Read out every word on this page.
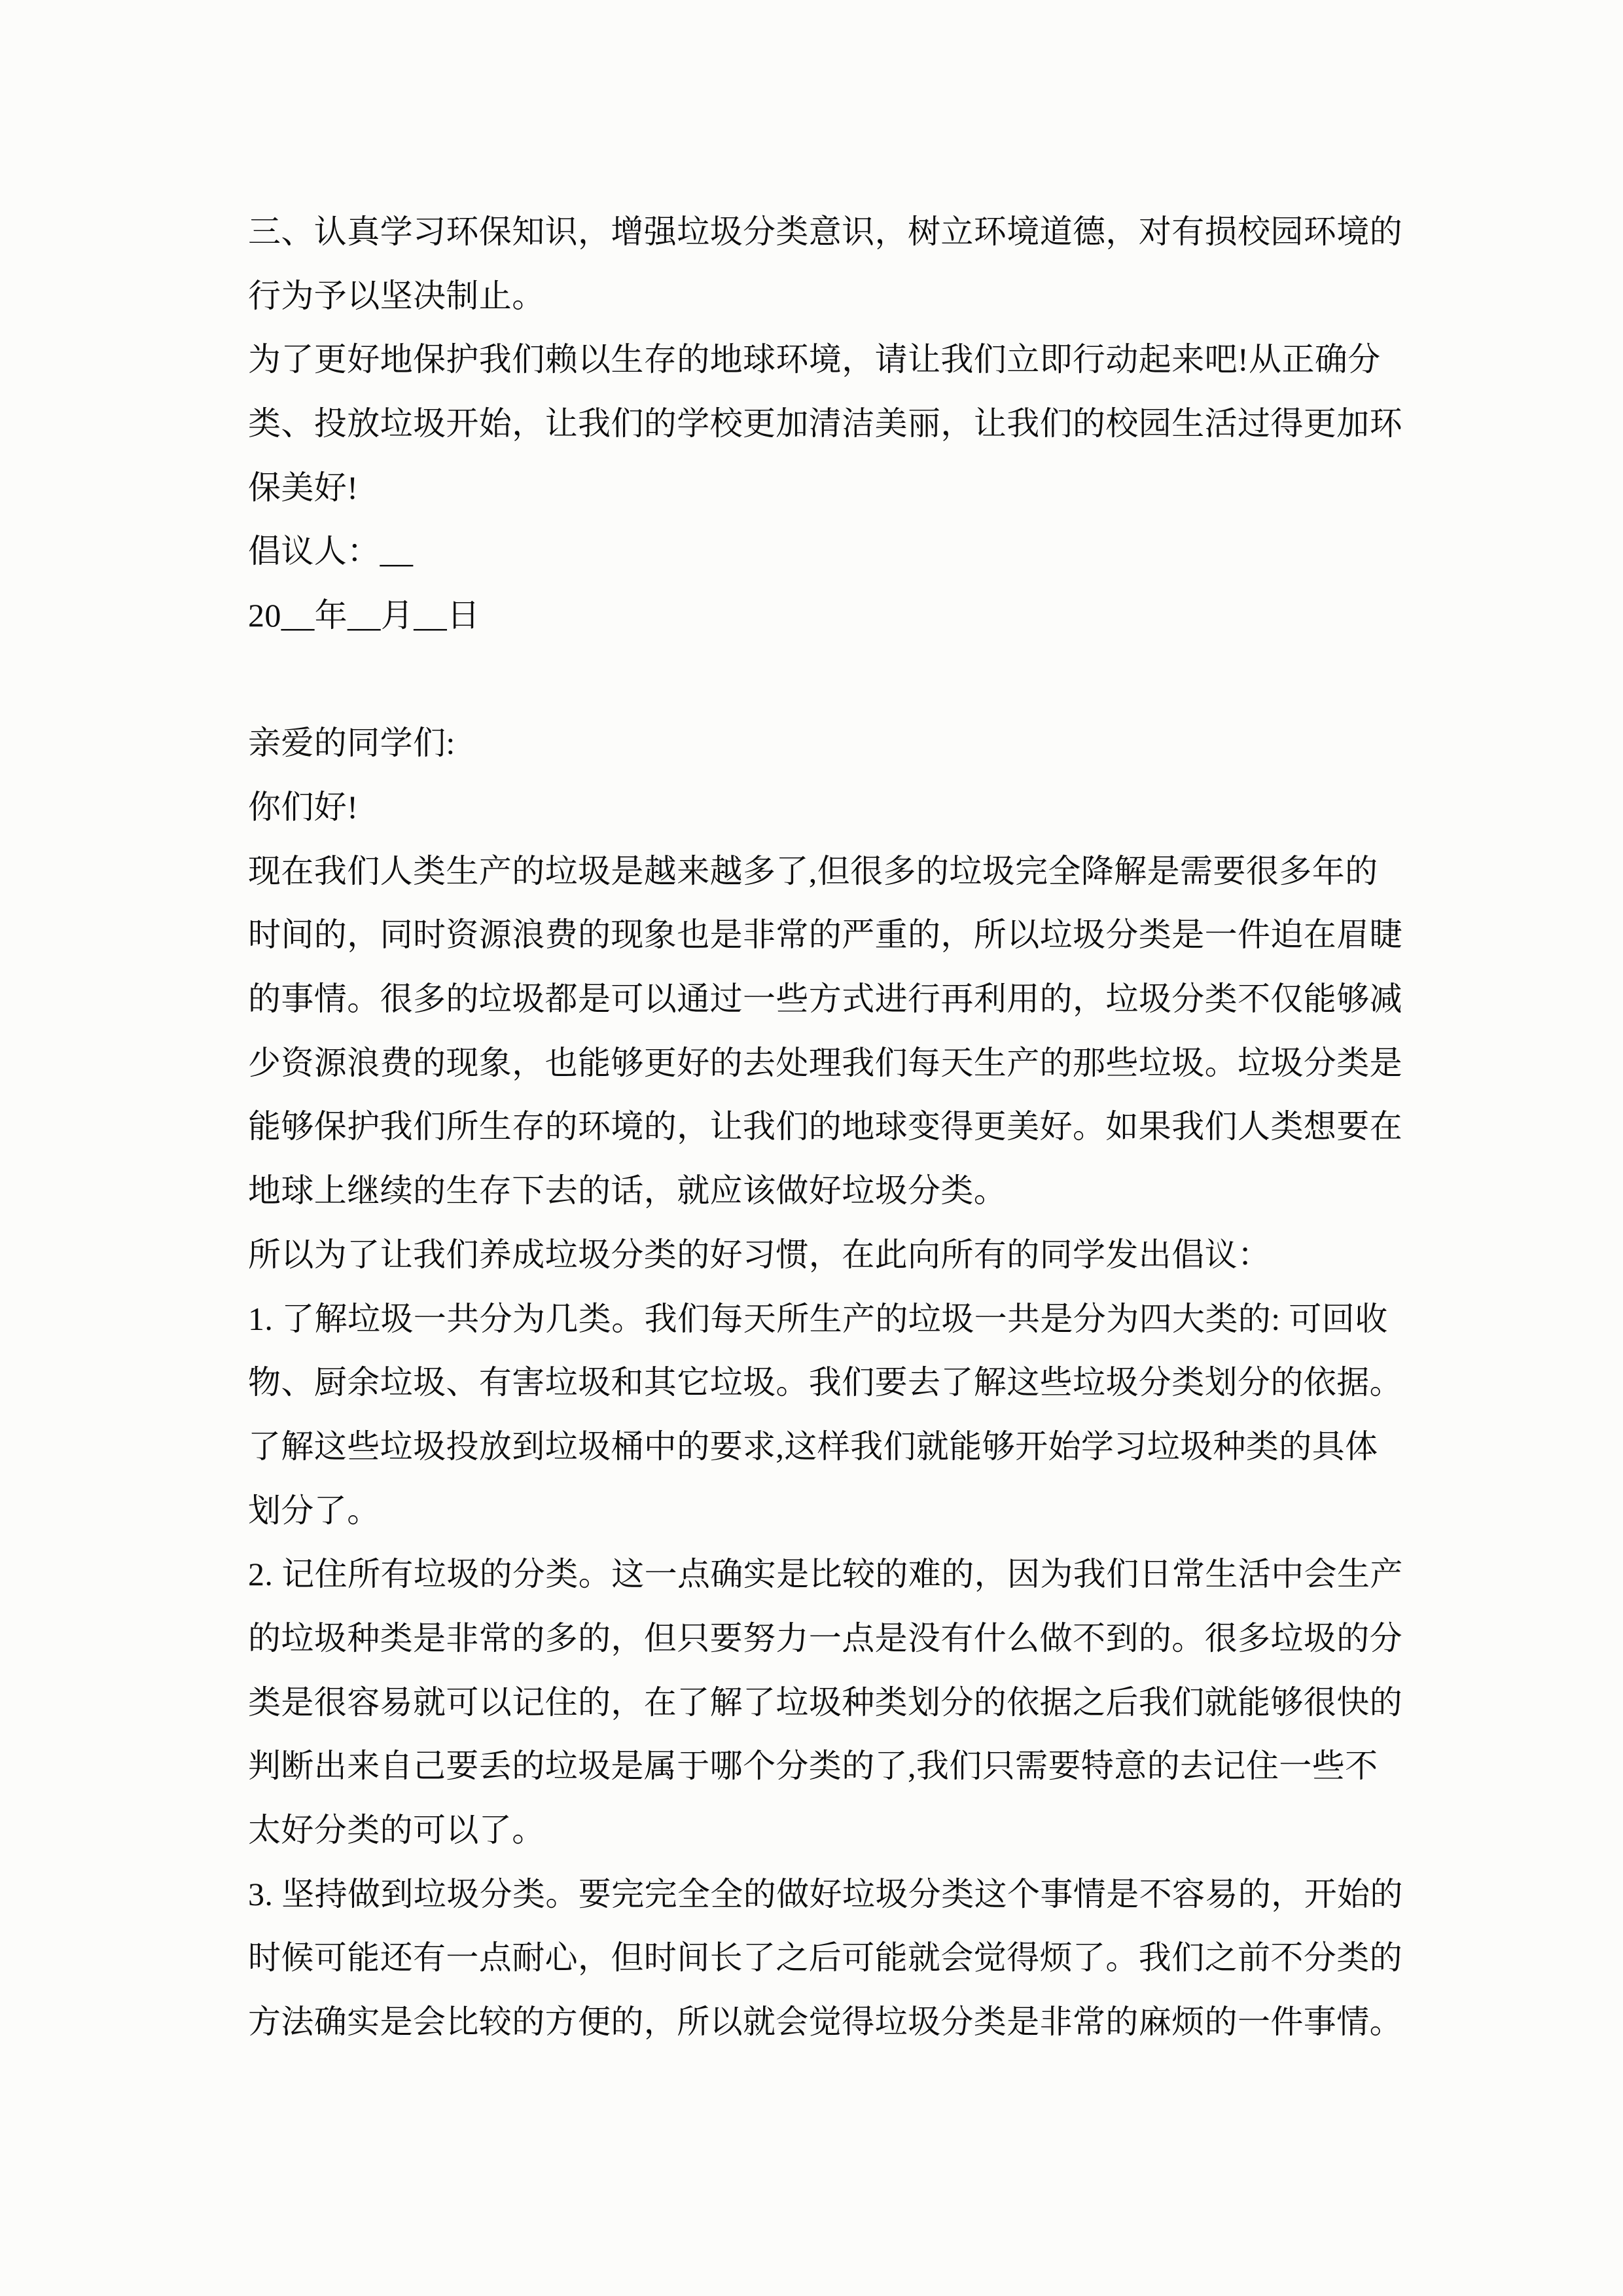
三、认真学习环保知识，增强垃圾分类意识，树立环境道德，对有损校园环境的
行为予以坚决制止。
为了更好地保护我们赖以生存的地球环境，请让我们立即行动起来吧!从正确分
类、投放垃圾开始，让我们的学校更加清洁美丽，让我们的校园生活过得更加环
保美好!
倡议人：__
20__年__月__日
亲爱的同学们:
你们好!
现在我们人类生产的垃圾是越来越多了,但很多的垃圾完全降解是需要很多年的
时间的，同时资源浪费的现象也是非常的严重的，所以垃圾分类是一件迫在眉睫
的事情。很多的垃圾都是可以通过一些方式进行再利用的，垃圾分类不仅能够减
少资源浪费的现象，也能够更好的去处理我们每天生产的那些垃圾。垃圾分类是
能够保护我们所生存的环境的，让我们的地球变得更美好。如果我们人类想要在
地球上继续的生存下去的话，就应该做好垃圾分类。
所以为了让我们养成垃圾分类的好习惯，在此向所有的同学发出倡议：
1. 了解垃圾一共分为几类。我们每天所生产的垃圾一共是分为四大类的: 可回收
物、厨余垃圾、有害垃圾和其它垃圾。我们要去了解这些垃圾分类划分的依据。
了解这些垃圾投放到垃圾桶中的要求,这样我们就能够开始学习垃圾种类的具体
划分了。
2. 记住所有垃圾的分类。这一点确实是比较的难的，因为我们日常生活中会生产
的垃圾种类是非常的多的，但只要努力一点是没有什么做不到的。很多垃圾的分
类是很容易就可以记住的，在了解了垃圾种类划分的依据之后我们就能够很快的
判断出来自己要丢的垃圾是属于哪个分类的了,我们只需要特意的去记住一些不
太好分类的可以了。
3. 坚持做到垃圾分类。要完完全全的做好垃圾分类这个事情是不容易的，开始的
时候可能还有一点耐心，但时间长了之后可能就会觉得烦了。我们之前不分类的
方法确实是会比较的方便的，所以就会觉得垃圾分类是非常的麻烦的一件事情。
